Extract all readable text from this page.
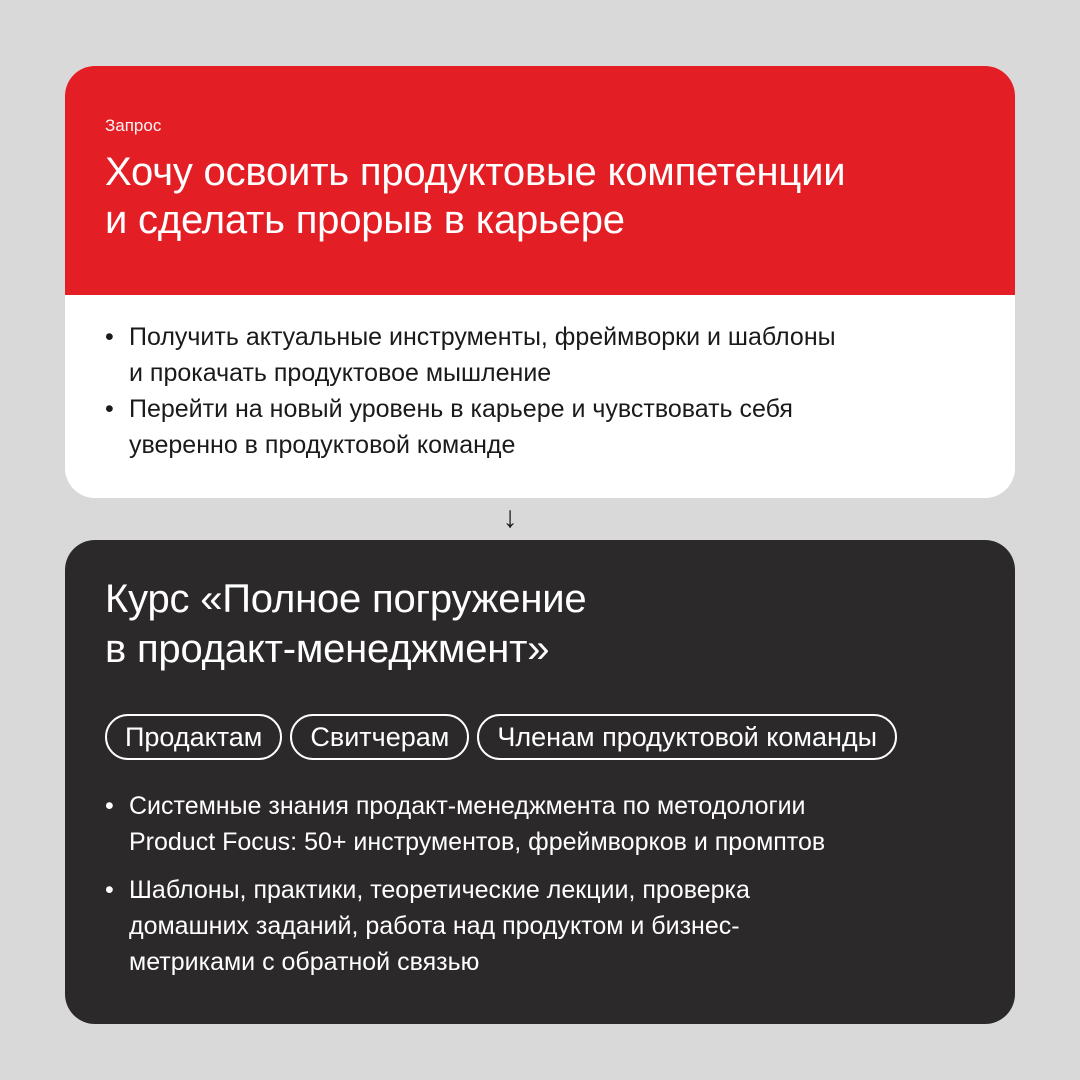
Запрос
Хочу освоить продуктовые компетенции
и сделать прорыв в карьере
• Получить актуальные инструменты, фреймворки и шаблоны
и прокачать продуктовое мышление
• Перейти на новый уровень в карьере и чувствовать себя
уверенно в продуктовой команде
↓
Курс «Полное погружение
в продакт-менеджмент»
Продактам	Свитчерам	Членам продуктовой команды
• Системные знания продакт-менеджмента по методологии
Product Focus: 50+ инструментов, фреймворков и промптов
• Шаблоны, практики, теоретические лекции, проверка
домашних заданий, работа над продуктом и бизнес-
метриками с обратной связью
